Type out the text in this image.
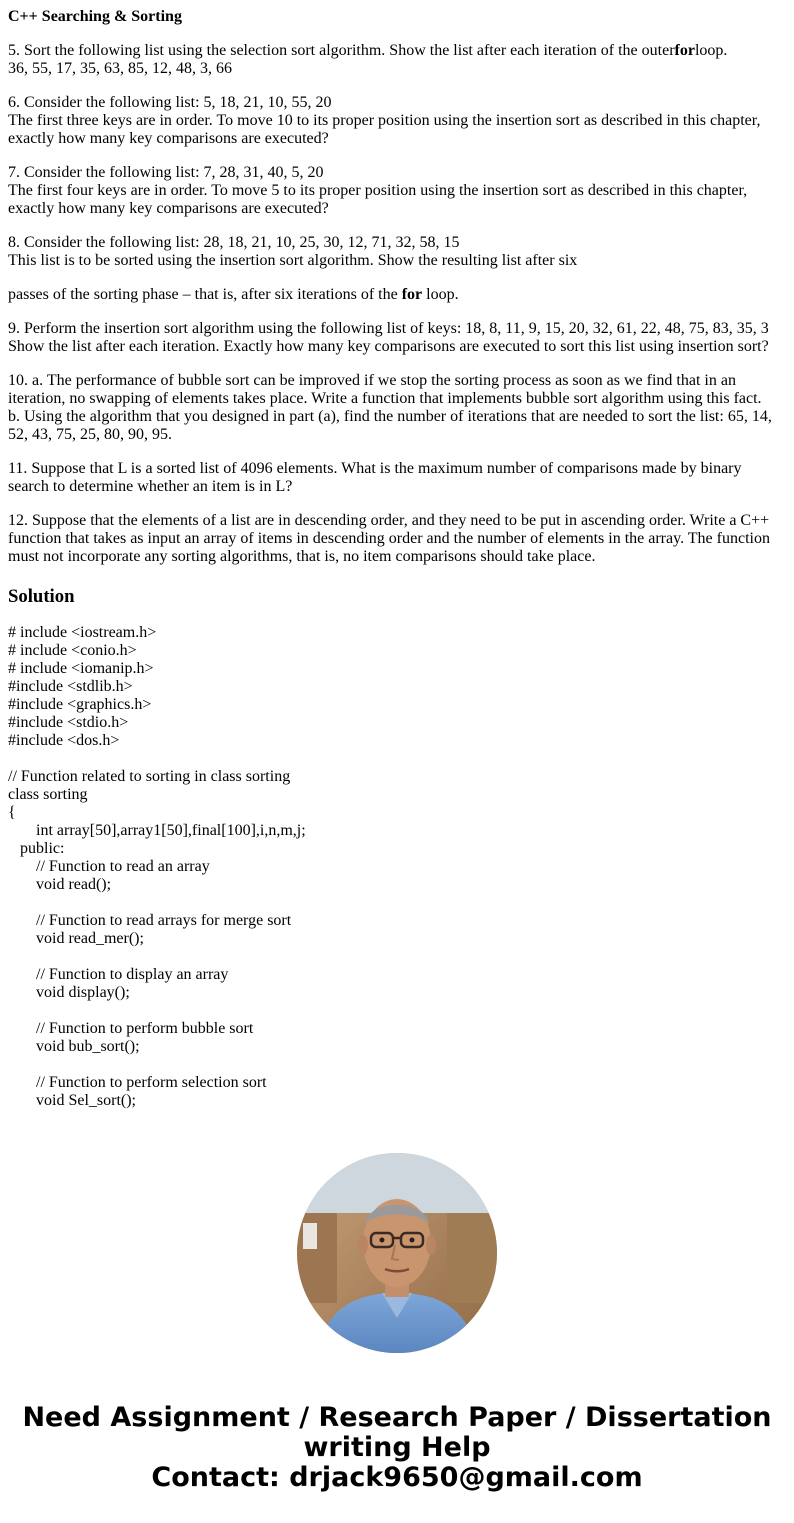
C++ Searching & Sorting
5. Sort the following list using the selection sort algorithm. Show the list after each iteration of the outerforloop.
36, 55, 17, 35, 63, 85, 12, 48, 3, 66
6. Consider the following list: 5, 18, 21, 10, 55, 20
The first three keys are in order. To move 10 to its proper position using the insertion sort as described in this chapter, exactly how many key comparisons are executed?
7. Consider the following list: 7, 28, 31, 40, 5, 20
The first four keys are in order. To move 5 to its proper position using the insertion sort as described in this chapter, exactly how many key comparisons are executed?
8. Consider the following list: 28, 18, 21, 10, 25, 30, 12, 71, 32, 58, 15
This list is to be sorted using the insertion sort algorithm. Show the resulting list after six
passes of the sorting phase – that is, after six iterations of the for loop.
9. Perform the insertion sort algorithm using the following list of keys: 18, 8, 11, 9, 15, 20, 32, 61, 22, 48, 75, 83, 35, 3
Show the list after each iteration. Exactly how many key comparisons are executed to sort this list using insertion sort?
10. a. The performance of bubble sort can be improved if we stop the sorting process as soon as we find that in an iteration, no swapping of elements takes place. Write a function that implements bubble sort algorithm using this fact.
b. Using the algorithm that you designed in part (a), find the number of iterations that are needed to sort the list: 65, 14, 52, 43, 75, 25, 80, 90, 95.
11. Suppose that L is a sorted list of 4096 elements. What is the maximum number of comparisons made by binary search to determine whether an item is in L?
12. Suppose that the elements of a list are in descending order, and they need to be put in ascending order. Write a C++ function that takes as input an array of items in descending order and the number of elements in the array. The function must not incorporate any sorting algorithms, that is, no item comparisons should take place.
Solution
# include <iostream.h>
# include <conio.h>
# include <iomanip.h>
#include <stdlib.h>
#include <graphics.h>
#include <stdio.h>
#include <dos.h>
// Function related to sorting in class sorting
class sorting
{
int array[50],array1[50],final[100],i,n,m,j;
public:
// Function to read an array
void read();
// Function to read arrays for merge sort
void read_mer();
// Function to display an array
void display();
// Function to perform bubble sort
void bub_sort();
// Function to perform selection sort
void Sel_sort();
Need Assignment / Research Paper / Dissertation
writing Help
Contact: drjack9650@gmail.com
